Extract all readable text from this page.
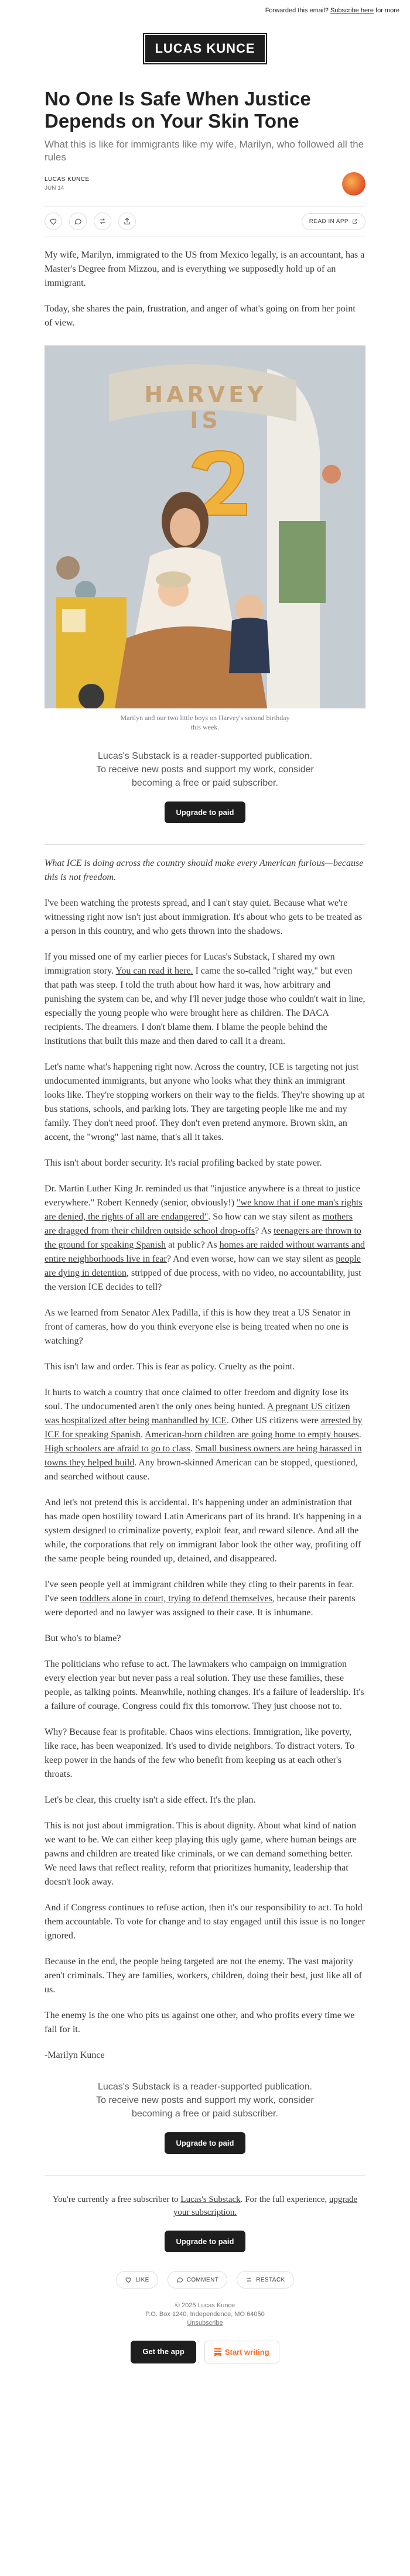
Forwarded this email? Subscribe here for more
LUCAS KUNCE
No One Is Safe When Justice Depends on Your Skin Tone
What this is like for immigrants like my wife, Marilyn, who followed all the rules
LUCAS KUNCE
JUN 14
READ IN APP

My wife, Marilyn, immigrated to the US from Mexico legally, is an accountant, has a Master's Degree from Mizzou, and is everything we supposedly hold up of an immigrant.

Today, she shares the pain, frustration, and anger of what's going on from her point of view.

HARVEY IS
Marilyn and our two little boys on Harvey's second birthday this week.
Lucas's Substack is a reader-supported publication. To receive new posts and support my work, consider becoming a free or paid subscriber.
Upgrade to paid

What ICE is doing across the country should make every American furious—because this is not freedom.

I've been watching the protests spread, and I can't stay quiet. Because what we're witnessing right now isn't just about immigration. It's about who gets to be treated as a person in this country, and who gets thrown into the shadows.

If you missed one of my earlier pieces for Lucas's Substack, I shared my own immigration story. You can read it here. I came the so-called "right way," but even that path was steep. I told the truth about how hard it was, how arbitrary and punishing the system can be, and why I'll never judge those who couldn't wait in line, especially the young people who were brought here as children. The DACA recipients. The dreamers. I don't blame them. I blame the people behind the institutions that built this maze and then dared to call it a dream.

Let's name what's happening right now. Across the country, ICE is targeting not just undocumented immigrants, but anyone who looks what they think an immigrant looks like. They're stopping workers on their way to the fields. They're showing up at bus stations, schools, and parking lots. They are targeting people like me and my family. They don't need proof. They don't even pretend anymore. Brown skin, an accent, the "wrong" last name, that's all it takes.

This isn't about border security. It's racial profiling backed by state power.

Dr. Martin Luther King Jr. reminded us that "injustice anywhere is a threat to justice everywhere." Robert Kennedy (senior, obviously!) "we know that if one man's rights are denied, the rights of all are endangered". So how can we stay silent as mothers are dragged from their children outside school drop-offs? As teenagers are thrown to the ground for speaking Spanish at public? As homes are raided without warrants and entire neighborhoods live in fear? And even worse, how can we stay silent as people are dying in detention, stripped of due process, with no video, no accountability, just the version ICE decides to tell?

As we learned from Senator Alex Padilla, if this is how they treat a US Senator in front of cameras, how do you think everyone else is being treated when no one is watching?

This isn't law and order. This is fear as policy. Cruelty as the point.

It hurts to watch a country that once claimed to offer freedom and dignity lose its soul. The undocumented aren't the only ones being hunted. A pregnant US citizen was hospitalized after being manhandled by ICE. Other US citizens were arrested by ICE for speaking Spanish. American-born children are going home to empty houses. High schoolers are afraid to go to class. Small business owners are being harassed in towns they helped build. Any brown-skinned American can be stopped, questioned, and searched without cause.

And let's not pretend this is accidental. It's happening under an administration that has made open hostility toward Latin Americans part of its brand. It's happening in a system designed to criminalize poverty, exploit fear, and reward silence. And all the while, the corporations that rely on immigrant labor look the other way, profiting off the same people being rounded up, detained, and disappeared.

I've seen people yell at immigrant children while they cling to their parents in fear. I've seen toddlers alone in court, trying to defend themselves, because their parents were deported and no lawyer was assigned to their case. It is inhumane.

But who's to blame?

The politicians who refuse to act. The lawmakers who campaign on immigration every election year but never pass a real solution. They use these families, these people, as talking points. Meanwhile, nothing changes. It's a failure of leadership. It's a failure of courage. Congress could fix this tomorrow. They just choose not to.

Why? Because fear is profitable. Chaos wins elections. Immigration, like poverty, like race, has been weaponized. It's used to divide neighbors. To distract voters. To keep power in the hands of the few who benefit from keeping us at each other's throats.

Let's be clear, this cruelty isn't a side effect. It's the plan.

This is not just about immigration. This is about dignity. About what kind of nation we want to be. We can either keep playing this ugly game, where human beings are pawns and children are treated like criminals, or we can demand something better. We need laws that reflect reality, reform that prioritizes humanity, leadership that doesn't look away.

And if Congress continues to refuse action, then it's our responsibility to act. To hold them accountable. To vote for change and to stay engaged until this issue is no longer ignored.

Because in the end, the people being targeted are not the enemy. The vast majority aren't criminals. They are families, workers, children, doing their best, just like all of us.

The enemy is the one who pits us against one other, and who profits every time we fall for it.

-Marilyn Kunce

Lucas's Substack is a reader-supported publication. To receive new posts and support my work, consider becoming a free or paid subscriber.
Upgrade to paid
You're currently a free subscriber to Lucas's Substack. For the full experience, upgrade your subscription.
Upgrade to paid
LIKE	COMMENT	RESTACK
© 2025 Lucas Kunce
P.O. Box 1240, Independence, MO 64050
Unsubscribe
Get the app	Start writing
